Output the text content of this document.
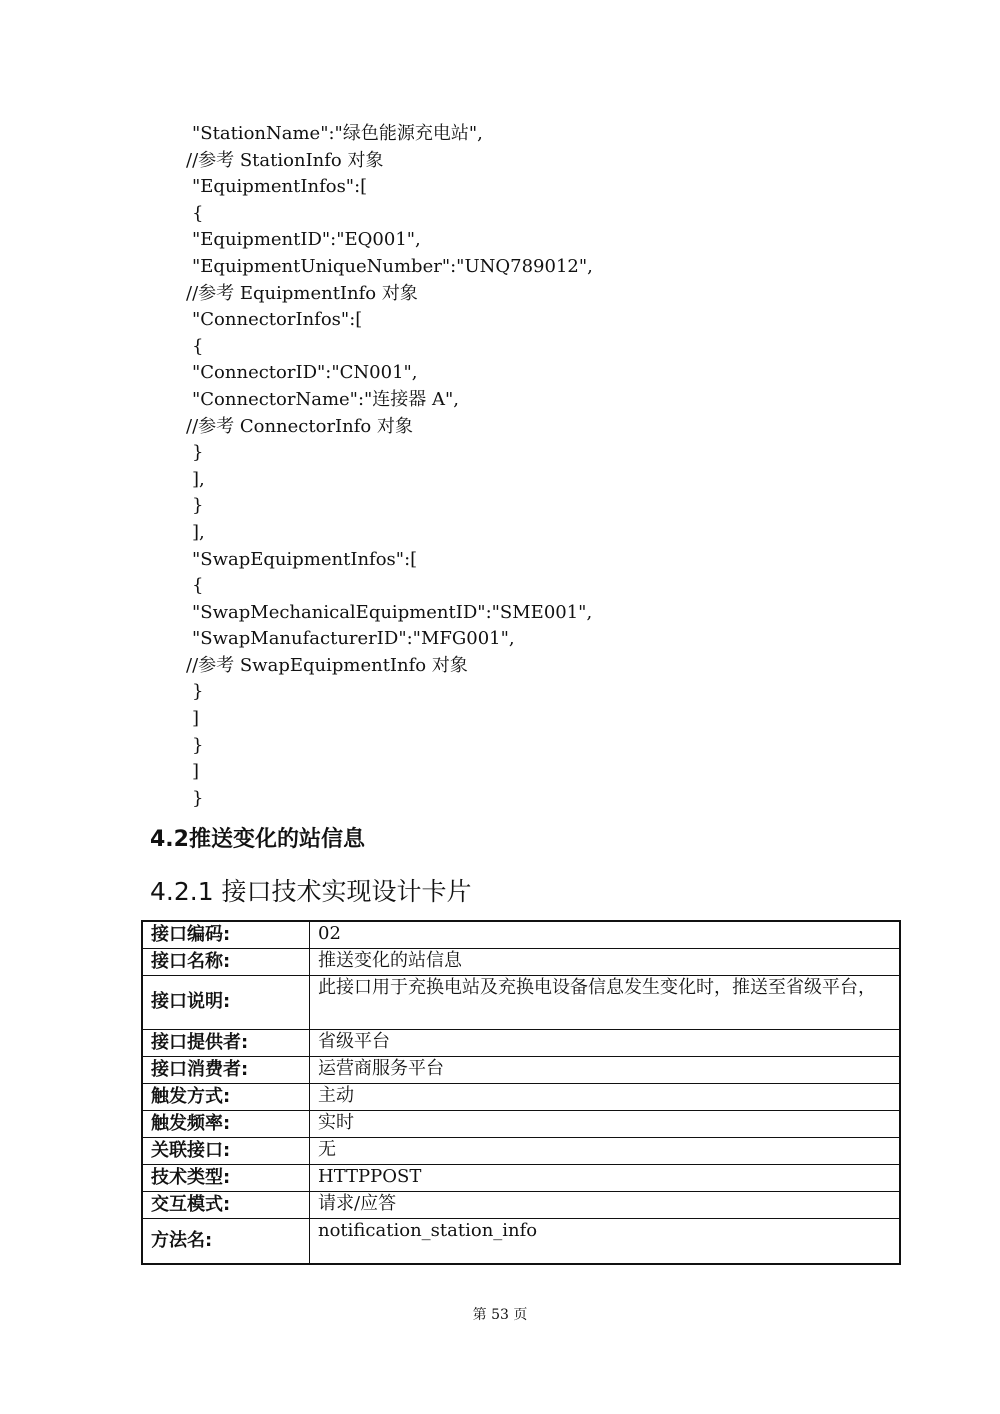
"StationName":"绿色能源充电站",
//参考 StationInfo 对象
"EquipmentInfos":[
{
"EquipmentID":"EQ001",
"EquipmentUniqueNumber":"UNQ789012",
//参考 EquipmentInfo 对象
"ConnectorInfos":[
{
"ConnectorID":"CN001",
"ConnectorName":"连接器 A",
//参考 ConnectorInfo 对象
}
],
}
],
"SwapEquipmentInfos":[
{
"SwapMechanicalEquipmentID":"SME001",
"SwapManufacturerID":"MFG001",
//参考 SwapEquipmentInfo 对象
}
]
}
]
}
4.2推送变化的站信息
4.2.1 接口技术实现设计卡片
接口编码:	02
接口名称:	推送变化的站信息
接口说明:	此接口用于充换电站及充换电设备信息发生变化时，推送至省级平台，
接口提供者:	省级平台
接口消费者:	运营商服务平台
触发方式:	主动
触发频率:	实时
关联接口:	无
技术类型:	HTTPPOST
交互模式:	请求/应答
方法名:	notification_station_info
第 53 页
